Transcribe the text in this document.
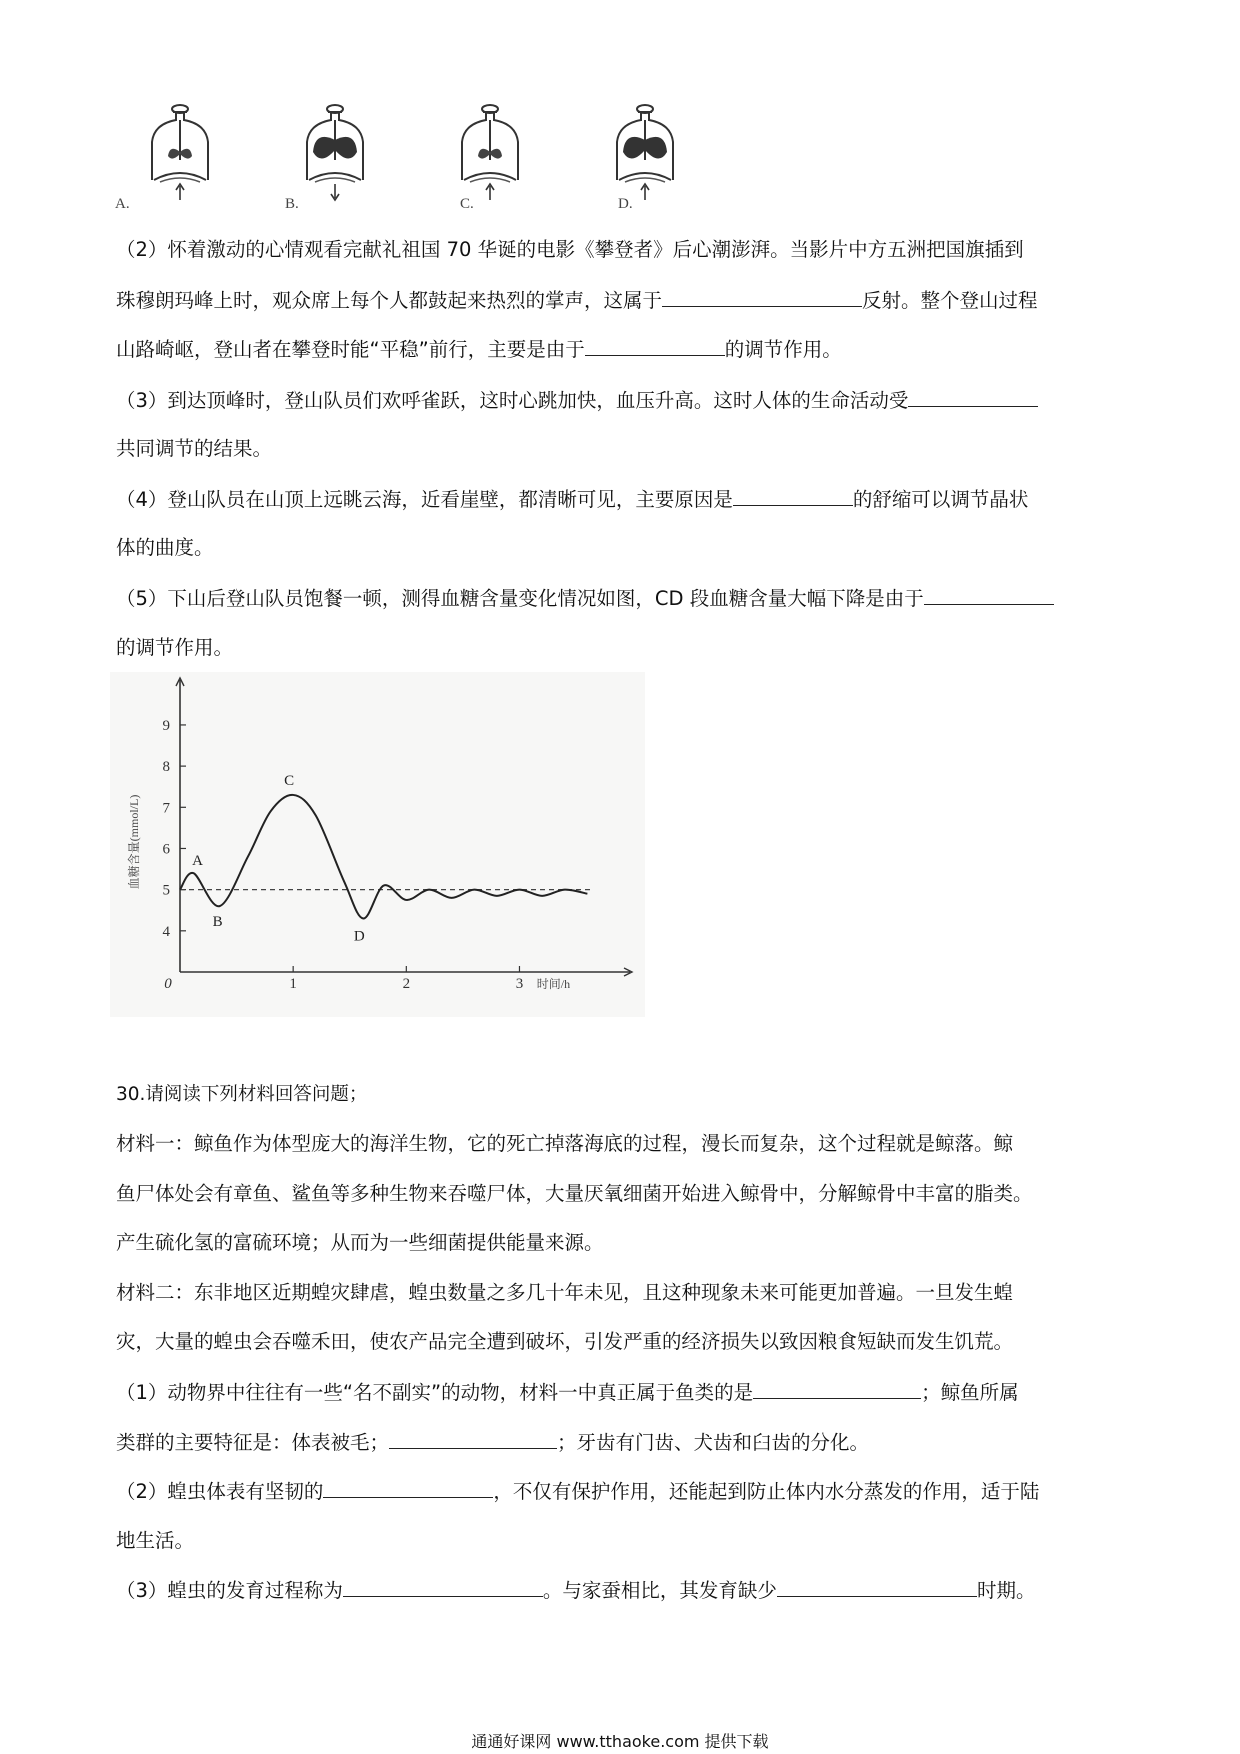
A.	B.	C.	D.
（2）怀着激动的心情观看完献礼祖国 70 华诞的电影《攀登者》后心潮澎湃。当影片中方五洲把国旗插到
珠穆朗玛峰上时，观众席上每个人都鼓起来热烈的掌声，这属于	反射。整个登山过程
山路崎岖，登山者在攀登时能“平稳”前行，主要是由于	的调节作用。
（3）到达顶峰时，登山队员们欢呼雀跃，这时心跳加快，血压升高。这时人体的生命活动受
共同调节的结果。
（4）登山队员在山顶上远眺云海，近看崖壁，都清晰可见，主要原因是	的舒缩可以调节晶状
体的曲度。
（5）下山后登山队员饱餐一顿，测得血糖含量变化情况如图，CD 段血糖含量大幅下降是由于
的调节作用。
4
5
6
7
8
9
0	1	2	3 时间/h
血糖含量(mmol/L)	A
B
C
D
30.请阅读下列材料回答问题；
材料一：鲸鱼作为体型庞大的海洋生物，它的死亡掉落海底的过程，漫长而复杂，这个过程就是鲸落。鲸
鱼尸体处会有章鱼、鲨鱼等多种生物来吞噬尸体，大量厌氧细菌开始进入鲸骨中，分解鲸骨中丰富的脂类。
产生硫化氢的富硫环境；从而为一些细菌提供能量来源。
材料二：东非地区近期蝗灾肆虐，蝗虫数量之多几十年未见，且这种现象未来可能更加普遍。一旦发生蝗
灾，大量的蝗虫会吞噬禾田，使农产品完全遭到破坏，引发严重的经济损失以致因粮食短缺而发生饥荒。
（1）动物界中往往有一些“名不副实”的动物，材料一中真正属于鱼类的是	；鲸鱼所属
类群的主要特征是：体表被毛；	；牙齿有门齿、犬齿和臼齿的分化。
（2）蝗虫体表有坚韧的	，不仅有保护作用，还能起到防止体内水分蒸发的作用，适于陆
地生活。
（3）蝗虫的发育过程称为	。与家蚕相比，其发育缺少	时期。
通通好课网 www.tthaoke.com 提供下载
